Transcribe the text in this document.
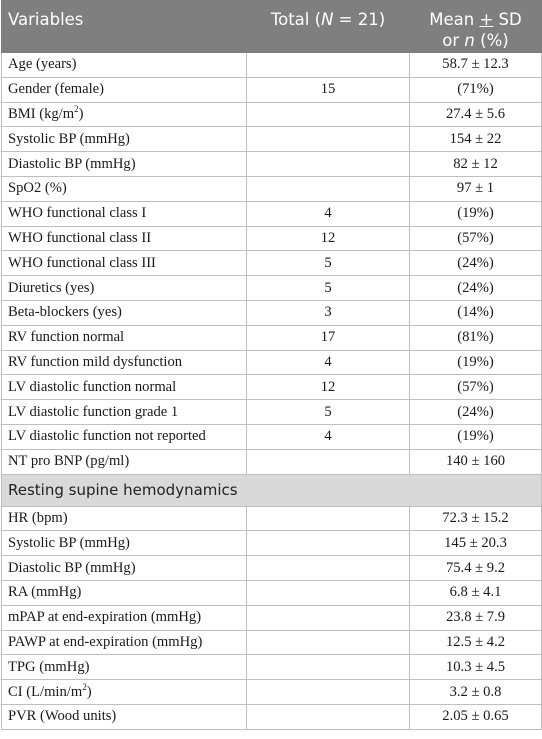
Variables	Total (N = 21)	Mean + SD
or n (%)
Age (years)		58.7 ± 12.3
Gender (female)	15	(71%)
BMI $(kg/m^2)$		27.4 ± 5.6
Systolic BP (mmHg)		154 ± 22
Diastolic BP (mmHg)		82 ± 12
SpO2 (%)		97 ± 1
WHO functional class I	4	(19%)
WHO functional class II	12	(57%)
WHO functional class III	5	(24%)
Diuretics (yes)	5	(24%)
Beta-blockers (yes)	3	(14%)
RV function normal	17	(81%)
RV function mild dysfunction	4	(19%)
LV diastolic function normal	12	(57%)
LV diastolic function grade 1	5	(24%)
LV diastolic function not reported	4	(19%)
NT pro BNP (pg/ml)		140 ± 160
Resting supine hemodynamics		
HR (bpm)		72.3 ± 15.2
Systolic BP (mmHg)		145 ± 20.3
Diastolic BP (mmHg)		75.4 ± 9.2
RA (mmHg)		6.8 ± 4.1
mPAP at end-expiration (mmHg)		23.8 ± 7.9
PAWP at end-expiration (mmHg)		12.5 ± 4.2
TPG (mmHg)		10.3 ± 4.5
CI $(L/\min/m^2)$		3.2 ± 0.8
PVR (Wood units)		2.05 ± 0.65
